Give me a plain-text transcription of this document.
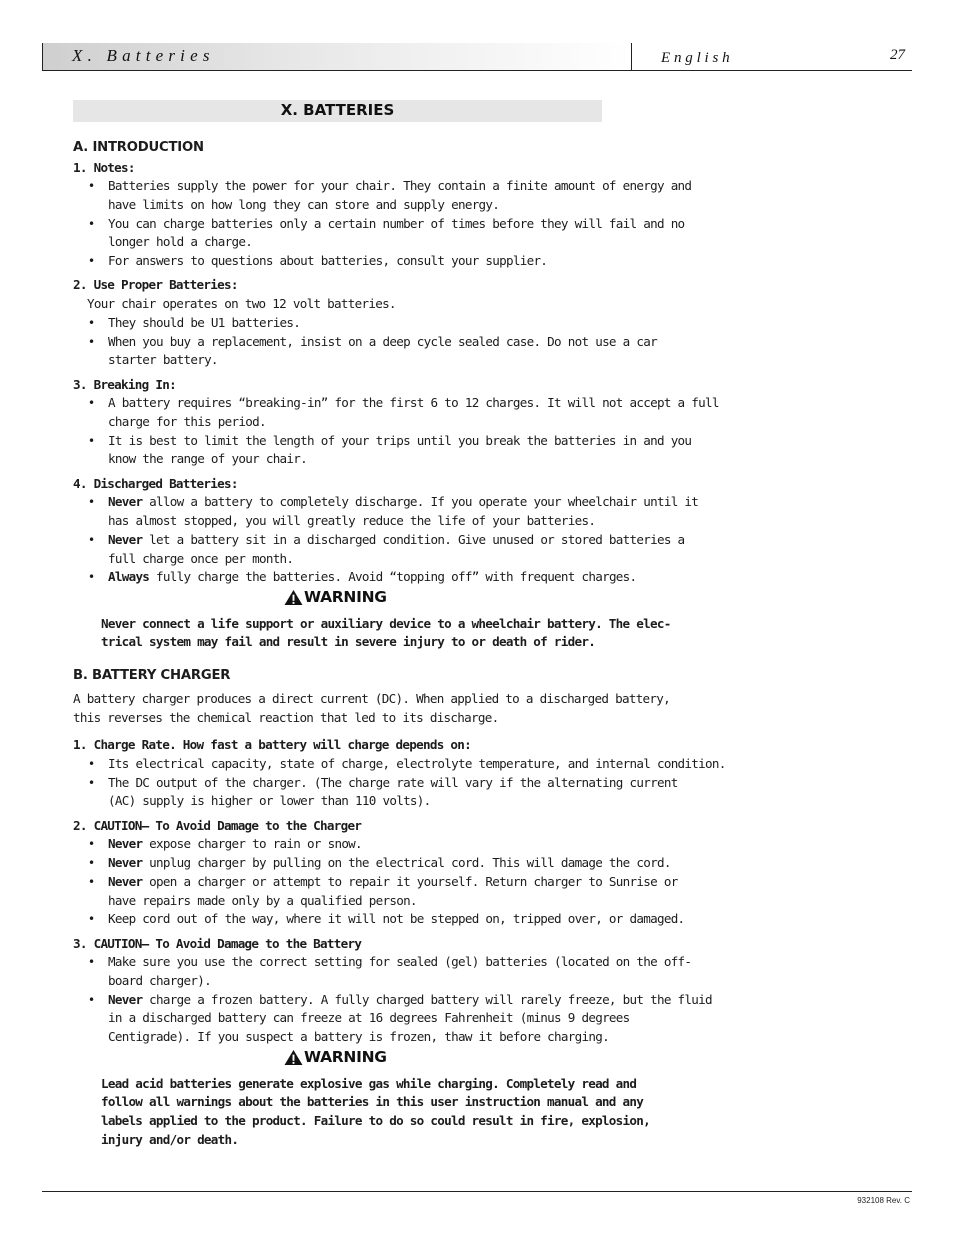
X. Batteries	English	27
X. BATTERIES
A. INTRODUCTION
1. Notes:
• Batteries supply the power for your chair. They contain a finite amount of energy and
have limits on how long they can store and supply energy.
• You can charge batteries only a certain number of times before they will fail and no
longer hold a charge.
• For answers to questions about batteries, consult your supplier.
2. Use Proper Batteries:
Your chair operates on two 12 volt batteries.
• They should be U1 batteries.
• When you buy a replacement, insist on a deep cycle sealed case. Do not use a car
starter battery.
3. Breaking In:
• A battery requires “breaking-in” for the first 6 to 12 charges. It will not accept a full
charge for this period.
• It is best to limit the length of your trips until you break the batteries in and you
know the range of your chair.
4. Discharged Batteries:
• Never allow a battery to completely discharge. If you operate your wheelchair until it
has almost stopped, you will greatly reduce the life of your batteries.
• Never let a battery sit in a discharged condition. Give unused or stored batteries a
full charge once per month.
• Always fully charge the batteries. Avoid “topping off” with frequent charges.
WARNING
Never connect a life support or auxiliary device to a wheelchair battery. The elec-
trical system may fail and result in severe injury to or death of rider.
B. BATTERY CHARGER
A battery charger produces a direct current (DC). When applied to a discharged battery,
this reverses the chemical reaction that led to its discharge.
1. Charge Rate. How fast a battery will charge depends on:
• Its electrical capacity, state of charge, electrolyte temperature, and internal condition.
• The DC output of the charger. (The charge rate will vary if the alternating current
(AC) supply is higher or lower than 110 volts).
2. CAUTION– To Avoid Damage to the Charger
• Never expose charger to rain or snow.
• Never unplug charger by pulling on the electrical cord. This will damage the cord.
• Never open a charger or attempt to repair it yourself. Return charger to Sunrise or
have repairs made only by a qualified person.
• Keep cord out of the way, where it will not be stepped on, tripped over, or damaged.
3. CAUTION– To Avoid Damage to the Battery
• Make sure you use the correct setting for sealed (gel) batteries (located on the off-
board charger).
• Never charge a frozen battery. A fully charged battery will rarely freeze, but the fluid
in a discharged battery can freeze at 16 degrees Fahrenheit (minus 9 degrees
Centigrade). If you suspect a battery is frozen, thaw it before charging.
WARNING
Lead acid batteries generate explosive gas while charging. Completely read and
follow all warnings about the batteries in this user instruction manual and any
labels applied to the product. Failure to do so could result in fire, explosion,
injury and/or death.
932108 Rev. C
